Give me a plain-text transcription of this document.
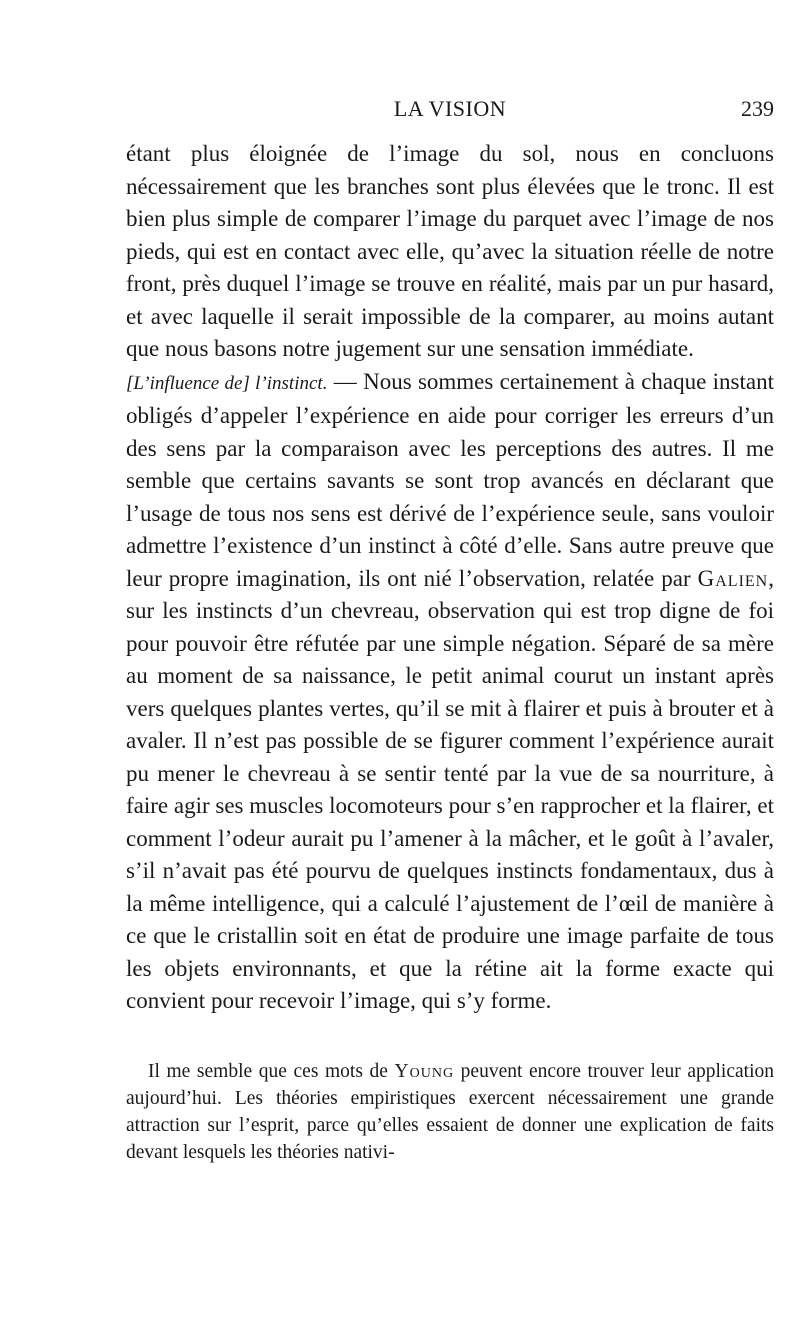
LA VISION	239

étant plus éloignée de l’image du sol, nous en concluons nécessairement que les branches sont plus élevées que le tronc. Il est bien plus simple de comparer l’image du parquet avec l’image de nos pieds, qui est en contact avec elle, qu’avec la situation réelle de notre front, près duquel l’image se trouve en réalité, mais par un pur hasard, et avec laquelle il serait impossible de la comparer, au moins autant que nous basons notre jugement sur une sensation immédiate.

[L’influence de] l’instinct. — Nous sommes certainement à chaque instant obligés d’appeler l’expérience en aide pour corriger les erreurs d’un des sens par la comparaison avec les perceptions des autres. Il me semble que certains savants se sont trop avancés en déclarant que l’usage de tous nos sens est dérivé de l’expérience seule, sans vouloir admettre l’existence d’un instinct à côté d’elle. Sans autre preuve que leur propre imagination, ils ont nié l’observation, relatée par Galien, sur les instincts d’un chevreau, observation qui est trop digne de foi pour pouvoir être réfutée par une simple négation. Séparé de sa mère au moment de sa naissance, le petit animal courut un instant après vers quelques plantes vertes, qu’il se mit à flairer et puis à brouter et à avaler. Il n’est pas possible de se figurer comment l’expérience aurait pu mener le chevreau à se sentir tenté par la vue de sa nourriture, à faire agir ses muscles locomoteurs pour s’en rapprocher et la flairer, et comment l’odeur aurait pu l’amener à la mâcher, et le goût à l’avaler, s’il n’avait pas été pourvu de quelques instincts fondamentaux, dus à la même intelligence, qui a calculé l’ajustement de l’œil de manière à ce que le cristallin soit en état de produire une image parfaite de tous les objets environnants, et que la rétine ait la forme exacte qui convient pour recevoir l’image, qui s’y forme.

Il me semble que ces mots de Young peuvent encore trouver leur application aujourd’hui. Les théories empiristiques exercent nécessairement une grande attraction sur l’esprit, parce qu’elles essaient de donner une explication de faits devant lesquels les théories nativi-
